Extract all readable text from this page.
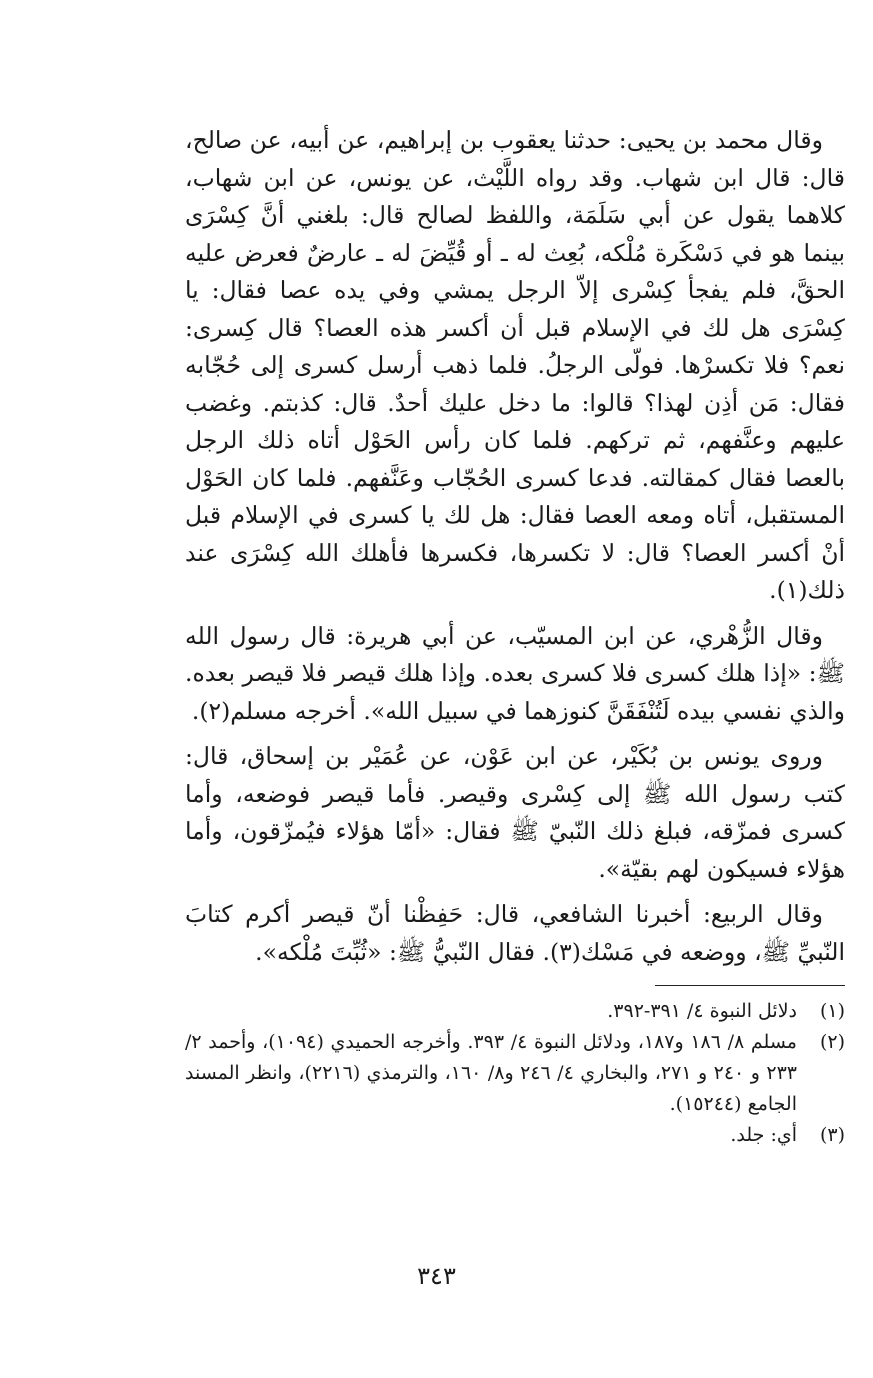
وقال محمد بن يحيى: حدثنا يعقوب بن إبراهيم، عن أبيه، عن صالح، قال: قال ابن شهاب. وقد رواه اللَّيْث، عن يونس، عن ابن شهاب، كلاهما يقول عن أبي سَلَمَة، واللفظ لصالح قال: بلغني أنَّ كِسْرَى بينما هو في دَسْكَرة مُلْكه، بُعِث له ـ أو قُيِّضَ له ـ عارضٌ فعرض عليه الحقَّ، فلم يفجأ كِسْرى إلاّ الرجل يمشي وفي يده عصا فقال: يا كِسْرَى هل لك في الإسلام قبل أن أكسر هذه العصا؟ قال كِسرى: نعم؟ فلا تكسرْها. فولّى الرجلُ. فلما ذهب أرسل كسرى إلى حُجّابه فقال: مَن أذِن لهذا؟ قالوا: ما دخل عليك أحدٌ. قال: كذبتم. وغضب عليهم وعنَّفهم، ثم تركهم. فلما كان رأس الحَوْل أتاه ذلك الرجل بالعصا فقال كمقالته. فدعا كسرى الحُجّاب وعَنَّفهم. فلما كان الحَوْل المستقبل، أتاه ومعه العصا فقال: هل لك يا كسرى في الإسلام قبل أنْ أكسر العصا؟ قال: لا تكسرها، فكسرها فأهلك الله كِسْرَى عند ذلك(١).

وقال الزُّهْري، عن ابن المسيّب، عن أبي هريرة: قال رسول الله ﷺ: «إذا هلك كسرى فلا كسرى بعده. وإذا هلك قيصر فلا قيصر بعده. والذي نفسي بيده لَتُنْفَقَنَّ كنوزهما في سبيل الله». أخرجه مسلم(٢).

وروى يونس بن بُكَيْر، عن ابن عَوْن، عن عُمَيْر بن إسحاق، قال: كتب رسول الله ﷺ إلى كِسْرى وقيصر. فأما قيصر فوضعه، وأما كسرى فمزّقه، فبلغ ذلك النّبيّ ﷺ فقال: «أمّا هؤلاء فيُمزّقون، وأما هؤلاء فسيكون لهم بقيّة».

وقال الربيع: أخبرنا الشافعي، قال: حَفِظْنا أنّ قيصر أكرم كتابَ النّبيِّ ﷺ، ووضعه في مَسْك(٣). فقال النّبيُّ ﷺ: «ثُبِّتَ مُلْكه».

(١)
دلائل النبوة ٤/ ٣٩١-٣٩٢.
(٢)
مسلم ٨/ ١٨٦ و١٨٧، ودلائل النبوة ٤/ ٣٩٣. وأخرجه الحميدي (١٠٩٤)، وأحمد ٢/ ٢٣٣ و ٢٤٠ و ٢٧١، والبخاري ٤/ ٢٤٦ و٨/ ١٦٠، والترمذي (٢٢١٦)، وانظر المسند الجامع (١٥٢٤٤).
(٣)
أي: جلد.
٣٤٣
